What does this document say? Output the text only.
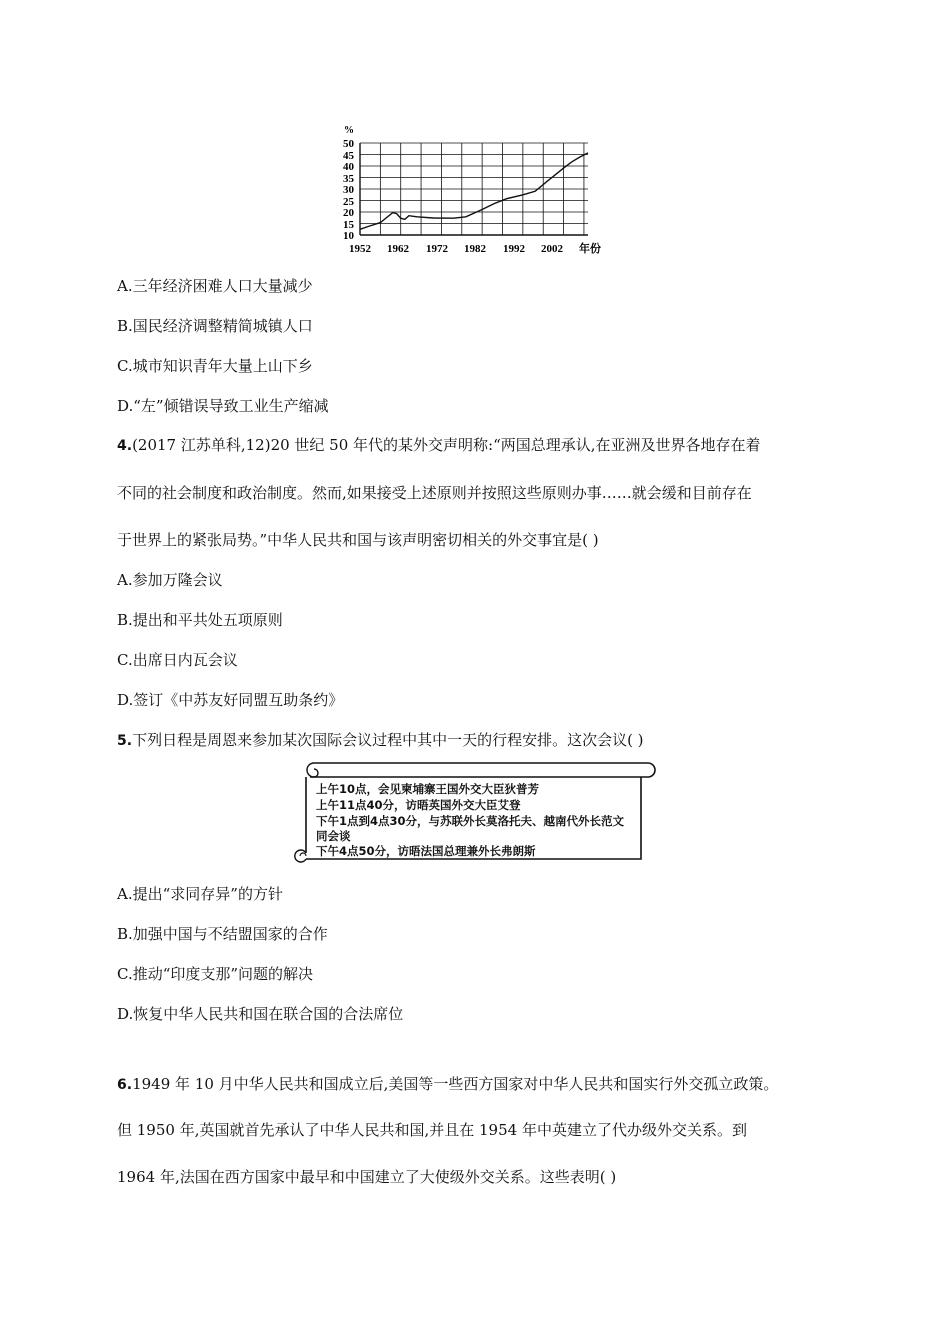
%
50
45
40
35
30
25
20
15
10
1952 1962 1972 1982 1992 2002 年份
A.三年经济困难人口大量减少
B.国民经济调整精简城镇人口
C.城市知识青年大量上山下乡
D.“左”倾错误导致工业生产缩减
4.(2017 江苏单科,12)20 世纪 50 年代的某外交声明称:“两国总理承认,在亚洲及世界各地存在着
不同的社会制度和政治制度。然而,如果接受上述原则并按照这些原则办事……就会缓和目前存在
于世界上的紧张局势。”中华人民共和国与该声明密切相关的外交事宜是( )
A.参加万隆会议
B.提出和平共处五项原则
C.出席日内瓦会议
D.签订《中苏友好同盟互助条约》
5.下列日程是周恩来参加某次国际会议过程中其中一天的行程安排。这次会议( )
上午10点，会见柬埔寨王国外交大臣狄普芳
上午11点40分，访晤英国外交大臣艾登
下午1点到4点30分，与苏联外长莫洛托夫、越南代外长范文
同会谈
下午4点50分，访晤法国总理兼外长弗朗斯
A.提出“求同存异”的方针
B.加强中国与不结盟国家的合作
C.推动“印度支那”问题的解决
D.恢复中华人民共和国在联合国的合法席位
6.1949 年 10 月中华人民共和国成立后,美国等一些西方国家对中华人民共和国实行外交孤立政策。
但 1950 年,英国就首先承认了中华人民共和国,并且在 1954 年中英建立了代办级外交关系。到
1964 年,法国在西方国家中最早和中国建立了大使级外交关系。这些表明( )
